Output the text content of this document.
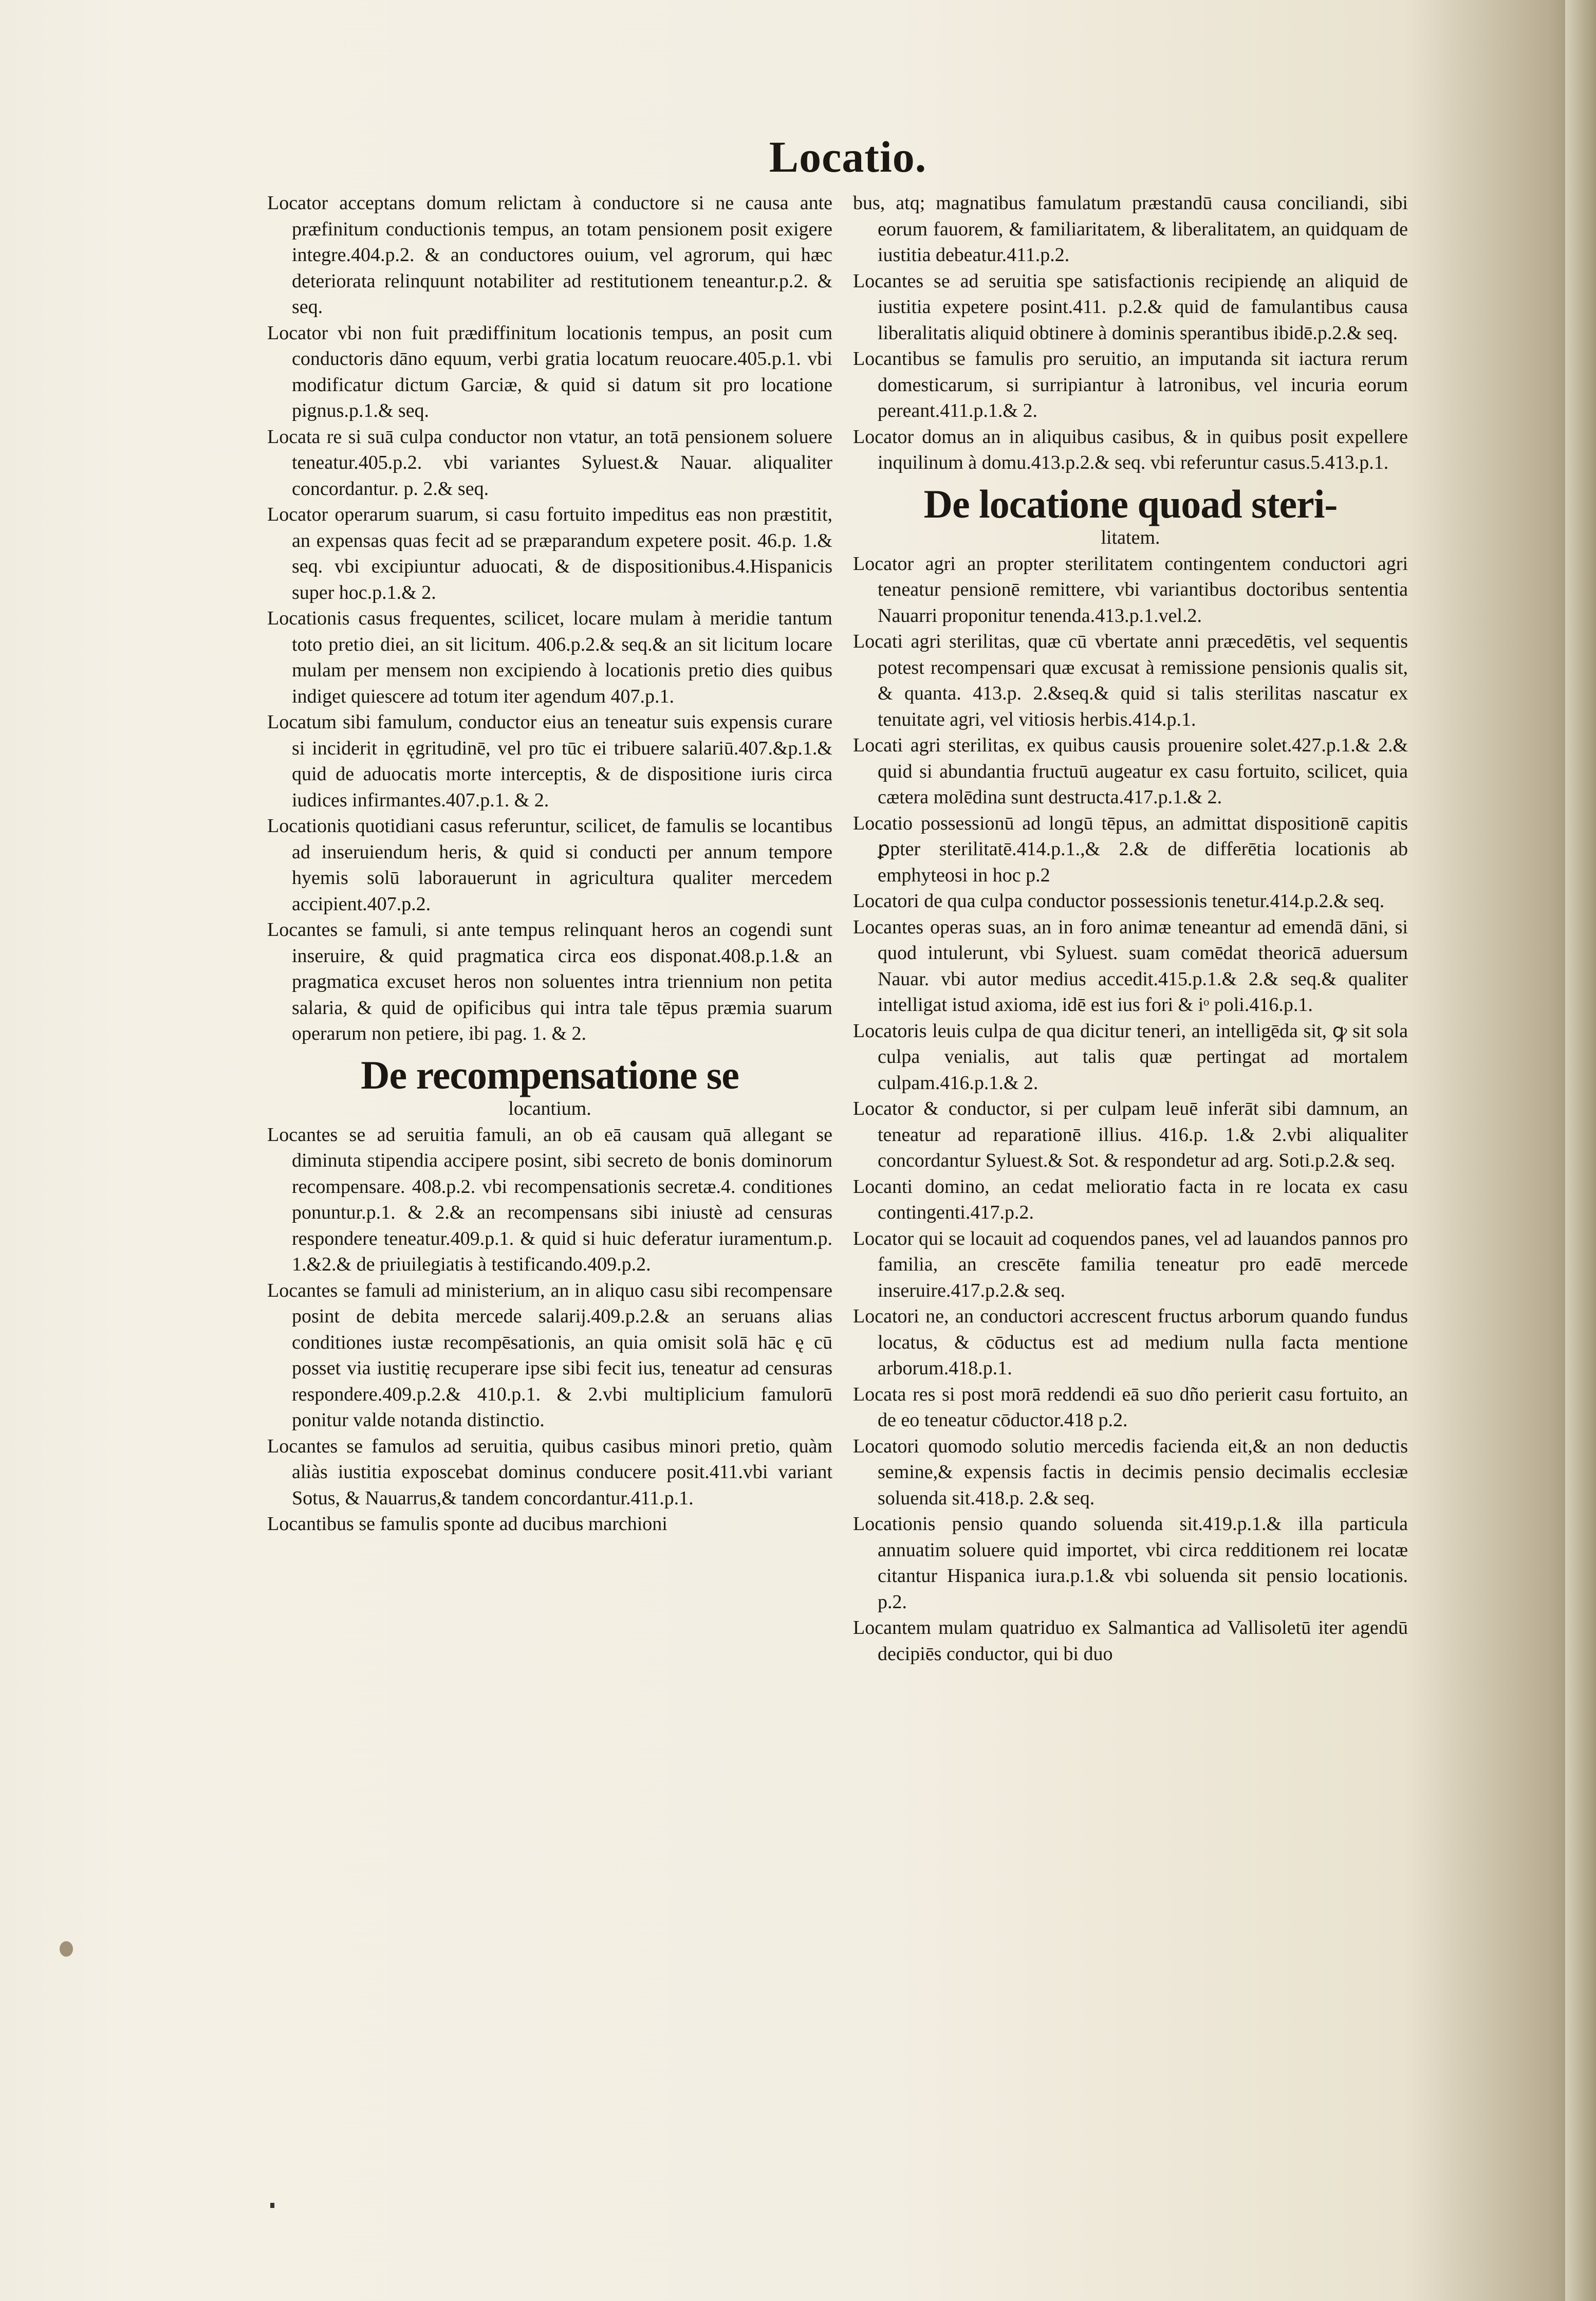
Locatio.

Locator acceptans domum relictam à conductore si ne causa ante præfinitum conductionis tempus, an totam pensionem posit exigere integre.404.p.2. & an conductores ouium, vel agrorum, qui hæc deteriorata relinquunt notabiliter ad restitutionem teneantur.p.2. & seq.

Locator vbi non fuit prædiffinitum locationis tempus, an posit cum conductoris dāno equum, verbi gratia locatum reuocare.405.p.1. vbi modificatur dictum Garciæ, & quid si datum sit pro locatione pignus.p.1.& seq.

Locata re si suā culpa conductor non vtatur, an totā pensionem soluere teneatur.405.p.2. vbi variantes Syluest.& Nauar. aliqualiter concordantur. p. 2.& seq.

Locator operarum suarum, si casu fortuito impeditus eas non præstitit, an expensas quas fecit ad se præparandum expetere posit. 46.p. 1.& seq. vbi excipiuntur aduocati, & de dispositionibus.4.Hispanicis super hoc.p.1.& 2.

Locationis casus frequentes, scilicet, locare mulam à meridie tantum toto pretio diei, an sit licitum. 406.p.2.& seq.& an sit licitum locare mulam per mensem non excipiendo à locationis pretio dies quibus indiget quiescere ad totum iter agendum 407.p.1.

Locatum sibi famulum, conductor eius an teneatur suis expensis curare si inciderit in ęgritudinē, vel pro tūc ei tribuere salariū.407.&p.1.& quid de aduocatis morte interceptis, & de dispositione iuris circa iudices infirmantes.407.p.1. & 2.

Locationis quotidiani casus referuntur, scilicet, de famulis se locantibus ad inseruiendum heris, & quid si conducti per annum tempore hyemis solū laborauerunt in agricultura qualiter mercedem accipient.407.p.2.

Locantes se famuli, si ante tempus relinquant heros an cogendi sunt inseruire, & quid pragmatica circa eos disponat.408.p.1.& an pragmatica excuset heros non soluentes intra triennium non petita salaria, & quid de opificibus qui intra tale tēpus præmia suarum operarum non petiere, ibi pag. 1. & 2.

De recompensatione se
locantium.

Locantes se ad seruitia famuli, an ob eā causam quā allegant se diminuta stipendia accipere posint, sibi secreto de bonis dominorum recompensare. 408.p.2. vbi recompensationis secretæ.4. conditiones ponuntur.p.1. & 2.& an recompensans sibi iniustè ad censuras respondere teneatur.409.p.1. & quid si huic deferatur iuramentum.p. 1.&2.& de priuilegiatis à testificando.409.p.2.

Locantes se famuli ad ministerium, an in aliquo casu sibi recompensare posint de debita mercede salarij.409.p.2.& an seruans alias conditiones iustæ recompēsationis, an quia omisit solā hāc ę cū posset via iustitię recuperare ipse sibi fecit ius, teneatur ad censuras respondere.409.p.2.& 410.p.1. & 2.vbi multiplicium famulorū ponitur valde notanda distinctio.

Locantes se famulos ad seruitia, quibus casibus minori pretio, quàm aliàs iustitia exposcebat dominus conducere posit.411.vbi variant Sotus, & Nauarrus,& tandem concordantur.411.p.1.

Locantibus se famulis sponte ad ducibus marchioni

bus, atq; magnatibus famulatum præstandū causa conciliandi, sibi eorum fauorem, & familiaritatem, & liberalitatem, an quidquam de iustitia debeatur.411.p.2.

Locantes se ad seruitia spe satisfactionis recipiendę an aliquid de iustitia expetere posint.411. p.2.& quid de famulantibus causa liberalitatis aliquid obtinere à dominis sperantibus ibidē.p.2.& seq.

Locantibus se famulis pro seruitio, an imputanda sit iactura rerum domesticarum, si surripiantur à latronibus, vel incuria eorum pereant.411.p.1.& 2.

Locator domus an in aliquibus casibus, & in quibus posit expellere inquilinum à domu.413.p.2.& seq. vbi referuntur casus.5.413.p.1.

De locatione quoad steri-
litatem.

Locator agri an propter sterilitatem contingentem conductori agri teneatur pensionē remittere, vbi variantibus doctoribus sententia Nauarri proponitur tenenda.413.p.1.vel.2.

Locati agri sterilitas, quæ cū vbertate anni præcedētis, vel sequentis potest recompensari quæ excusat à remissione pensionis qualis sit, & quanta. 413.p. 2.&seq.& quid si talis sterilitas nascatur ex tenuitate agri, vel vitiosis herbis.414.p.1.

Locati agri sterilitas, ex quibus causis prouenire solet.427.p.1.& 2.& quid si abundantia fructuū augeatur ex casu fortuito, scilicet, quia cætera molēdina sunt destructa.417.p.1.& 2.

Locatio possessionū ad longū tēpus, an admittat dispositionē capitis ꝑpter sterilitatē.414.p.1.,& 2.& de differētia locationis ab emphyteosi in hoc p.2

Locatori de qua culpa conductor possessionis tenetur.414.p.2.& seq.

Locantes operas suas, an in foro animæ teneantur ad emendā dāni, si quod intulerunt, vbi Syluest. suam comēdat theoricā aduersum Nauar. vbi autor medius accedit.415.p.1.& 2.& seq.& qualiter intelligat istud axioma, idē est ius fori & iᵒ poli.416.p.1.

Locatoris leuis culpa de qua dicitur teneri, an intelligēda sit, ꝙ sit sola culpa venialis, aut talis quæ pertingat ad mortalem culpam.416.p.1.& 2.

Locator & conductor, si per culpam leuē inferāt sibi damnum, an teneatur ad reparationē illius. 416.p. 1.& 2.vbi aliqualiter concordantur Syluest.& Sot. & respondetur ad arg. Soti.p.2.& seq.

Locanti domino, an cedat melioratio facta in re locata ex casu contingenti.417.p.2.

Locator qui se locauit ad coquendos panes, vel ad lauandos pannos pro familia, an crescēte familia teneatur pro eadē mercede inseruire.417.p.2.& seq.

Locatori ne, an conductori accrescent fructus arborum quando fundus locatus, & cōductus est ad medium nulla facta mentione arborum.418.p.1.

Locata res si post morā reddendi eā suo dño perierit casu fortuito, an de eo teneatur cōductor.418 p.2.

Locatori quomodo solutio mercedis facienda eit,& an non deductis semine,& expensis factis in decimis pensio decimalis ecclesiæ soluenda sit.418.p. 2.& seq.

Locationis pensio quando soluenda sit.419.p.1.& illa particula annuatim soluere quid importet, vbi circa redditionem rei locatæ citantur Hispanica iura.p.1.& vbi soluenda sit pensio locationis. p.2.

Locantem mulam quatriduo ex Salmantica ad Vallisoletū iter agendū decipiēs conductor, qui bi duo
